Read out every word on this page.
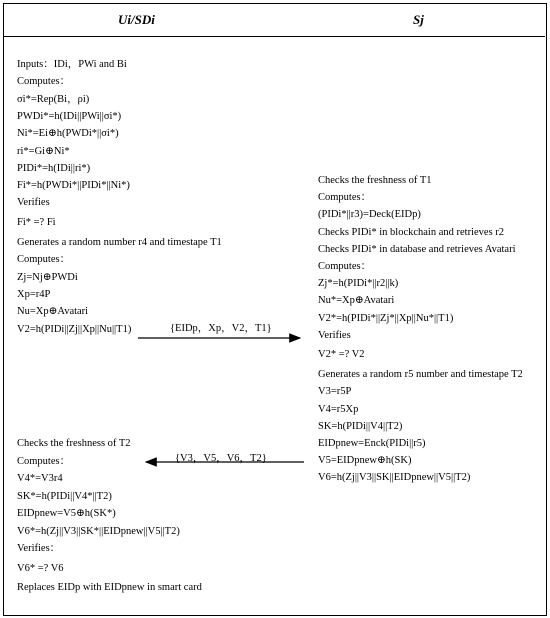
Ui/SDi	Sj
Inputs：IDi，PWi and Bi
Computes：
σi*=Rep(Bi，ρi)
PWDi*=h(IDi||PWi||σi*)
Ni*=Ei⊕h(PWDi*||σi*)
ri*=Gi⊕Ni*
PIDi*=h(IDi||ri*)
Fi*=h(PWDi*||PIDi*||Ni*)
Verifies
Fi* =? Fi
Generates a random number r4 and timestape T1
Computes：
Zj=Nj⊕PWDi
Xp=r4P
Nu=Xp⊕Avatari
V2=h(PIDi||Zj||Xp||Nu||T1)
Checks the freshness of T1
Computes：
(PIDi*||r3)=Deck(EIDp)
Checks PIDi* in blockchain and retrieves r2
Checks PIDi* in database and retrieves Avatari
Computes：
Zj*=h(PIDi*||r2||k)
Nu*=Xp⊕Avatari
V2*=h(PIDi*||Zj*||Xp||Nu*||T1)
Verifies
V2* =? V2
Generates a random r5 number and timestape T2
V3=r5P
V4=r5Xp
SK=h(PIDi||V4||T2)
EIDpnew=Enck(PIDi||r5)
V5=EIDpnew⊕h(SK)
V6=h(Zj||V3||SK||EIDpnew||V5||T2)
Checks the freshness of T2
Computes：
V4*=V3r4
SK*=h(PIDi||V4*||T2)
EIDpnew=V5⊕h(SK*)
V6*=h(Zj||V3||SK*||EIDpnew||V5||T2)
Verifies：
V6* =? V6
Replaces EIDp with EIDpnew in smart card
{EIDp，Xp，V2，T1}
{V3，V5，V6，T2}
